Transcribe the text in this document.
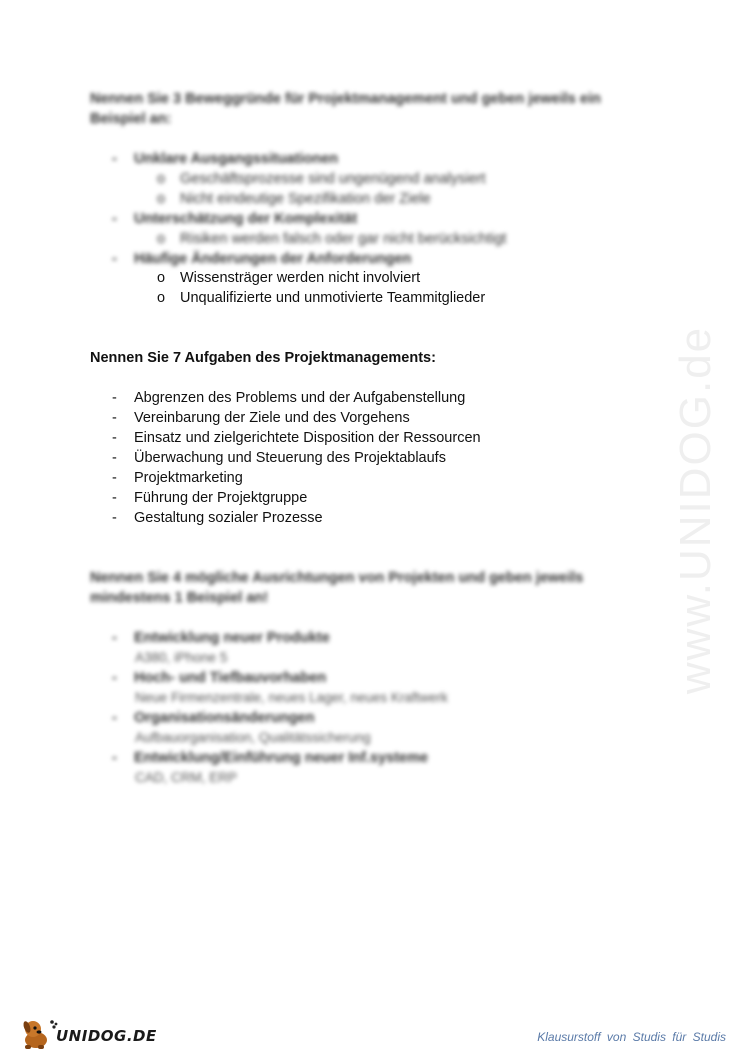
www.UNIDOG.de
Nennen Sie 3 Beweggründe für Projektmanagement und geben jeweils ein
Beispiel an:
- Unklare Ausgangssituationen
o Geschäftsprozesse sind ungenügend analysiert
o Nicht eindeutige Spezifikation der Ziele
- Unterschätzung der Komplexität
o Risiken werden falsch oder gar nicht berücksichtigt
- Häufige Änderungen der Anforderungen
o Wissensträger werden nicht involviert
o Unqualifizierte und unmotivierte Teammitglieder
Nennen Sie 7 Aufgaben des Projektmanagements:
- Abgrenzen des Problems und der Aufgabenstellung
- Vereinbarung der Ziele und des Vorgehens
- Einsatz und zielgerichtete Disposition der Ressourcen
- Überwachung und Steuerung des Projektablaufs
- Projektmarketing
- Führung der Projektgruppe
- Gestaltung sozialer Prozesse
Nennen Sie 4 mögliche Ausrichtungen von Projekten und geben jeweils
mindestens 1 Beispiel an!
- Entwicklung neuer Produkte
A380, iPhone 5
- Hoch- und Tiefbauvorhaben
Neue Firmenzentrale, neues Lager, neues Kraftwerk
- Organisationsänderungen
Aufbauorganisation, Qualitätssicherung
- Entwicklung/Einführung neuer Inf.systeme
CAD, CRM, ERP
UNIDOG.DE	Klausurstoff von Studis für Studis
